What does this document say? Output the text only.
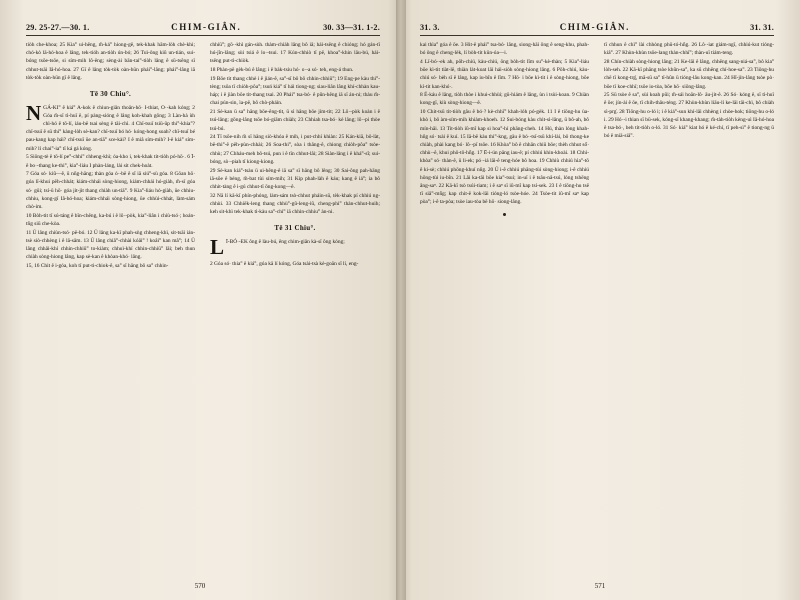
29. 25-27.—30. 1.	CHIM-GIÂN.	30. 33—31. 1-2.

tiòh che-khoa; 25 Kia° ui-hêng, m̄-ká° hiong-gê, tek-khak hām-lòh chè-khi; chó-kò lā-hó-hoa ê lâng, tek-tióh an-tiòh ún-bó; 26 Tuì-ông kiû un-tián, sui-bóng tsōe-tsōe, si sím-mih lô-êng; sèng-ài bān-tai°-tiòh lâng ê sū-tsêng sī chhut-tsāi Iâ-hó-hoa. 27 Gī ê lâng tòk-tòk oàn-hūn phái°-lâng; phái°-lâng iā tòk-tòk oàn-hūn gī ê lâng.

Tē 30 Chiu°.

NGÁ-KI° ê kiá° A-kok ê chiun-giân thoân-hō· I-thiat, O·-kah kóng; 2 Góa m̄-sī tì-huī ê, pí pàng-sióng ê lâng koh-khah gōng; 3 Làn-hà ùh chì-hó ê tō-lí, iáu-bē tsai sèng ê tāi-chì. 4 Chī-tsuī tsiū-ūp thi°-khia°? chī-tsuī ê sū thi° kàng-lòh sè-kan? chī-tsuī bó hó· kóng-hong soah? chī-tsuī bé pau-kang kap hái? chī-tsuī ūe an-tiā° sce-kài? I ê miâ sím-mih? I-ê kiá° sím-mih? lí chai°-ia° tī ká gá kóng.

5 Siōng-tè ê tō-lí pe°-chhi° chheng-khì; óa-kho i, tek-khak tit-tiòh pó-hō·. 6 Ī-ê bo·-thang ke-thi°, kia°-liáu I phàn-láng, lài sit chek-hoàt.

7 Góa só· kiû—ê, ū nn̄g-hāng; thàn góa ó·-bē ê sî iā siú°-sù góa. 8 Gōan hō· góa lī-khui pēh-chhát; kiám-chhái sòng-hiong, kiám-chhái hó-giàh, m̄-sī góa só· gūi; tsí-ū hō· góa jit-jit thang chiàh un-tiā°. 9 Kia°-liáu hó-giàh, ūe chhiu-chhiu, kong-gī Iâ-hó-hoa; kiám-chhái sòng-hiong, ūe chhùi-chhát, làm-sám chò-im.

10 Bòh-tit tī sú-táng ê bīn-chêng, ka-bú i ê lô·-pòk, kia°-liân i chiù-tsó·; hoán-tn̄g siū che-kòa.

11 Ū lâng chiùn-tsó· pē-bó. 12 Ū lâng ka-kī phah-sǹg chheng-khì, sit-tsāi ián-tsè siò-chhèng i ê lā-sâm. 13 Ū lâng chiâ°-chhài kóâi° ! koâi° kan mâ°; 14 Ū lâng chhâi-khí chhin-chhiū° to-kiàm; chhuì-khí chhin-chhiū° lāi; beh thun chiàh sòng-hiong lâng, kap sè-kan ê khòan-khó· lâng.

15, 16 Chit ê i-góa, koh tī put-ti-chiok-ê, sa° sī hāng bô sa° chhin-

chhiū°; gō·-khì gán-sùh. thàm-chiàh lâng bô iâ; hái-tsêng ê chióng; hó gán-tī hú-jîn-lâng; sùi tsiá ê lo·-tsui. 17 Kún-chhiò tī pē, khoa°-khin lāu-bú, hái-tsêng put-tì-chiòk.

18 Phàn-pē gèk-bú ê lâng; i ê bàk-tsiu hó· o·-a só· teh, eng-á thun.

19 Bōe tit thang chhè i ê jián-ê, sa°-sī bô bô chhin-chhiū°; 19 Eng-pe kàu thi°-tèng; tsôa tī chiòh-pôa°; tsuń kiá° tī hái tiong-ng; siau-liân lâng khí-chhàn kau-háp; i ê jiàn bōe tit-thang tsai. 20 Phái° tsa-bó· ê pûn-hêng iā sī án-ni; thàu m̄-chai pún-sin, ìa-pē, bô chò-pháin.

21 Sè-kan ū sa° hāng bōe-êng-tit, ū sì hāng bōe jím-tit; 22 Lô·-pòk koàn i ê tsú-lâng; gōng-lâng tsōe bó-giām chiàh; 23 Chhiah tsa-bó· kè lâng; lô·-pi thòe tsú-bú.

24 Tī tsōe-nih m̄ sī hāng siò-khóa ê mih, i put-chhí khiàn: 25 Kán-kiā, bô-làt, bē-thi°-ê pēh-pùn-chhài; 26 Soa-thi°, sòa i thâng-ê, chiong chiòh-pôa° tsòe-chhù; 27 Chháu-meh bô-tsú, pun i ê tīn chhut-lâi; 28 Siàn-lâng i ê khá°-sî; sui-bóng, sò·-piah tī kiong-kiong.

29 Sè-kan kiá°-tsàu ū ui-hêng-ê iā sa° sī hāng bô lêng; 30 Sai-ông pah-hāng iā-sōe ê béng, m̄-bat tùi sím-mih; 31 Kip phah-làh ê káu; kang ê iá°; ia bô chhit-tàng ê i-gú chhut-tī ōng-kong—ê.

32 Nā lí kā-kī phín-phóng, làm-sám tsò-chhut pháin-sū, tèk-khak pí chhiú ng-chhùi. 33 Chhiēk-leng thang chhù°-gû-leng-iû, cheng-phi° thàn-chhut-huih; keh sit-khì tek-khak tì-kàu sa°-chi° iā chhin-chhiu° àn-ni.

Tē 31 Chiu°.

L Ī-BÓ·-EK ông ê làu-bú, êng chim-giân kà-sī ông kóng;

2 Góa só· thia° ê kiá°, góa kā lí kóng, Góa tsài-tsà kè-goān sî lí, eng-

570
31. 3.	CHIM-GIÂN.	31. 31.

kai thìa° góa ê ōe. 3 Hit-ê phái° tsa-bó· lâng, siong-hāi ông ê seng-khu, phah-bó ông ê cheng-lèk, lí bòh-tit kūn-óa—i.

4 Lī-bó·-ek ah, pōh-chiú, kàu-chiú, ōng bòh-tit lîm su°-kè-thàn; 5 Kia°-liáu bōe kì-tit tiàt-lē, thiàn làt-koat lāi hái-siòh sòng-hiong lâng. 6 Pōh-chiú, kàu-chiú só· bèh sī ê lâng, kap iu-bîn ê lîm. 7 Hō· i bōe kì-tit i ê sòng-hiong, bōe kì-tit kan-khó·.

8 É-káu ê lâng, tiòh thòe i khui-chhùi; gū-hiám ê lâng, ùn i tsùi-koan. 9 Chiàn kong-gī, kiù sòng-hiong—ê.

10 Chit-tsū tit-tiòh gâu ê bó·? kè-chhī° khah-lóh pó-gèk. 11 I ê tiōng-hu ùa-khò i, bô àm-sím-mih khiàm-khoeh. 12 Sui-bóng kàu chit-sì-lâng, ū bô-ah, bô mín-hāi. 13 Tit-tiòh iû-mî kap si hoa°-hí phāng-cheh. 14 Hú, thàn lóng khah-hn̄g só· tsài ê kuí. 15 Iā-bē kàu thi°-kng, gāu ê bó·-tsī-tsū khí-lài, bô thong-ke chiàh, phài kang bó· lô·-pī tsōe. 16 Khòa° bô ê chhân chiū bōe; thèh chhut số· chhù·-ê, khui phô-tô-hn̂g. 17 Ē-i-ún pāng iau-ê; pí chhiú khin-khoài. 18 Chhì-khòa° só· thàn-ê, ū li-ek; pó·-iá lāi-ê teng-hóe bô hoa. 19 Chhiù chhiú hìa°-tō ê ki-sè; chhiú phōng-khuí nn̄g. 20 Ū i-ê chhiú phāng-tùi sòng-hiong; i-ê chhiú hōng-tùi iu-bîn. 21 Lâi ka-tāi bōe kia°-tsuí; in-uī i ê tsâu-nâ-tsú, lóng tshēng âng-saⁿ. 22 Kā-kī tsò tsúi-tiam; i ê saⁿ sī iû-mî kap tsí-sek. 23 I ê tiōng-hu tsē tī siâ°-mn̂g; kap chit-ê kok-lāi tióng-ló tsòe-hóe. 24 Tsòe-tit iû-mî saⁿ kap pòa°; i-ê ta-pòa; tsòe iau-tòa bē hō· siong-lâng.

tī chhun ê chì° lài chhòng phū-tó-hn̂g. 26 Lô·-iat giám-ngī, chhiú-kut tióng-kiâ°. 27 Khùn-khùn tsōe-lang thàn-chhī°; thàn-uī tiám-teng.

28 Chín-chiàh sòng-hiong lâng; 21 Ke-lāi ê lâng, chhēng sang-niá-sa°, bô kia° lòh-seh. 22 Kā-kī phāng tsòe khûn-sa°, ka sū chhēng chí-hoe-sa°. 23 Tiōng-hu chē tī kong-trg̍, mā-sū sa° tī-hûn ū tióng-lâu kong-kan. 24 Hî-jín-lâng tsòe pò· bōe tī koe-chhī; tsōe io-tòa, bōe hō· siōng-lâng.

25 Sū tsòe ê sa°, sùi koah pûi; m̄-sái hoān-lô· āu-jit-ê. 26 Só· kóng ê, sī tì-huī ê ōe; jín-ài ê ōe, tī chih-thâu-téng. 27 Khùn-khùn liāu-lí ke-lāi tāi-chì, bô chiàh sì-prg̍. 28 Tiōng-hu o-ló i; i ê kiá°-sun khí-lâi chhèng i chòe-hok; tiōng-hu o-ló i. 29 Hó·-i thian sī bū-sek, kóng-sī khang-khang; m̄-tàh-tiòh kèng-uì Iâ-hó-hoa ê tsa-bó·, beh tit-tiòh o-ló. 31 Só· kiá° kiat hó ê ké-chí, tī peh-sì° ê tiong-ng ū bó ê miā-siā°.

571
